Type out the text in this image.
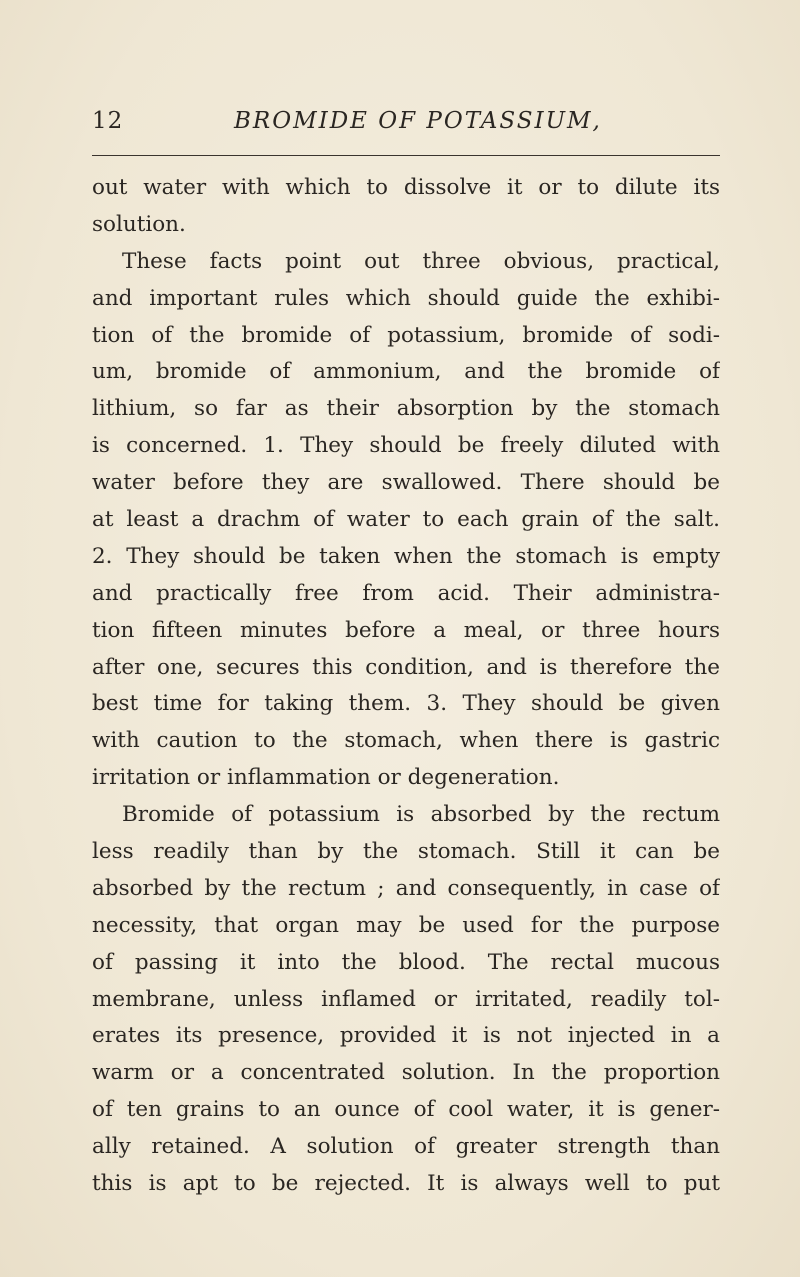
12	BROMIDE OF POTASSIUM,
out water with which to dissolve it or to dilute its
solution.
These facts point out three obvious, practical,
and important rules which should guide the exhibi-
tion of the bromide of potassium, bromide of sodi-
um, bromide of ammonium, and the bromide of
lithium, so far as their absorption by the stomach
is concerned. 1. They should be freely diluted with
water before they are swallowed. There should be
at least a drachm of water to each grain of the salt.
2. They should be taken when the stomach is empty
and practically free from acid. Their administra-
tion fifteen minutes before a meal, or three hours
after one, secures this condition, and is therefore the
best time for taking them. 3. They should be given
with caution to the stomach, when there is gastric
irritation or inflammation or degeneration.
Bromide of potassium is absorbed by the rectum
less readily than by the stomach. Still it can be
absorbed by the rectum ; and consequently, in case of
necessity, that organ may be used for the purpose
of passing it into the blood. The rectal mucous
membrane, unless inflamed or irritated, readily tol-
erates its presence, provided it is not injected in a
warm or a concentrated solution. In the proportion
of ten grains to an ounce of cool water, it is gener-
ally retained. A solution of greater strength than
this is apt to be rejected. It is always well to put
